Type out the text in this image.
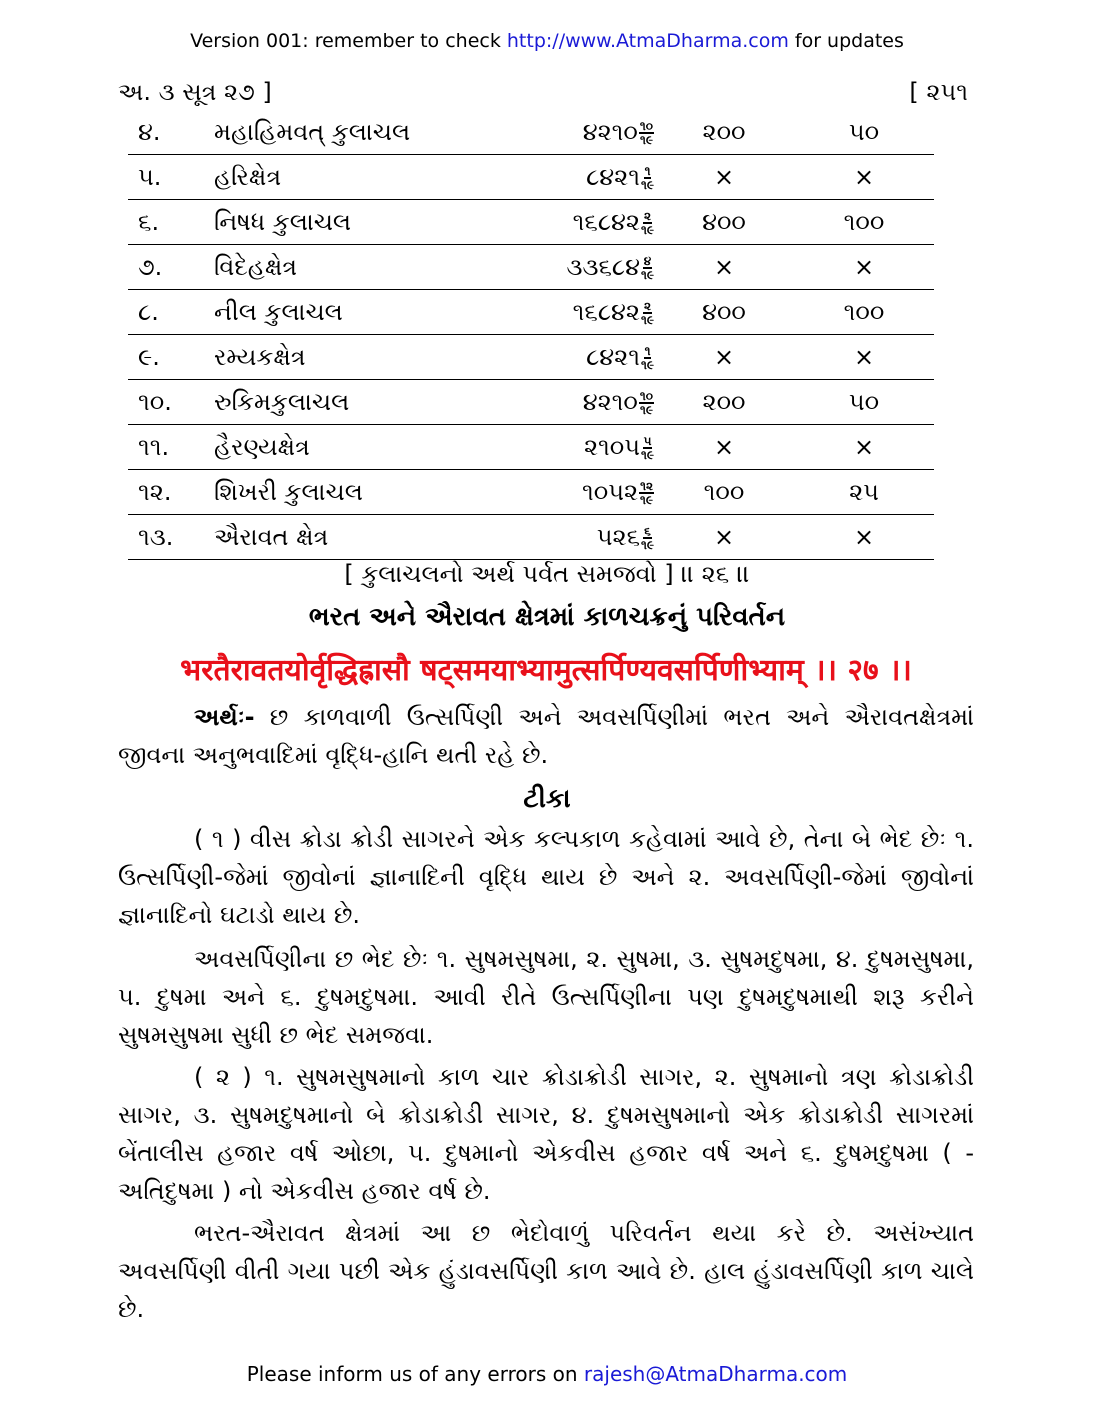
Version 001: remember to check http://www.AtmaDharma.com for updates
અ. ૩ સૂત્ર ૨૭ ]	[ ૨૫૧
૪.	મહાહિમવત્ કુલાચલ	૪૨૧૦ $\frac{૧૦}{૧૯}$	૨૦૦	૫૦
૫.	હરિક્ષેત્ર	૮૪૨૧ $\frac{૧}{૧૯}$	×	×
૬.	નિષધ કુલાચલ	૧૬૮૪૨ $\frac{૨}{૧૯}$	૪૦૦	૧૦૦
૭.	વિદેહક્ષેત્ર	૩૩૬૮૪ $\frac{૪}{૧૯}$	×	×
૮.	નીલ કુલાચલ	૧૬૮૪૨ $\frac{૨}{૧૯}$	૪૦૦	૧૦૦
૯.	રમ્યકક્ષેત્ર	૮૪૨૧ $\frac{૧}{૧૯}$	×	×
૧૦.	રુકિમકુલાચલ	૪૨૧૦ $\frac{૧૦}{૧૯}$	૨૦૦	૫૦
૧૧.	હૈરણ્યક્ષેત્ર	૨૧૦૫ $\frac{૫}{૧૯}$	×	×
૧૨.	શિખરી કુલાચલ	૧૦૫૨ $\frac{૧૨}{૧૯}$	૧૦૦	૨૫
૧૩.	ઐરાવત ક્ષેત્ર	૫૨૬ $\frac{૬}{૧૯}$	×	×
[ કુલાચલનો અર્થ પર્વત સમજવો ] ।। ૨૬ ।।
ભરત અને ઐરાવત ક્ષેત્રમાં કાળચક્રનું પરિવર્તન
भरतैरावतयोर्वृद्धिह्रासौ षट्समयाभ्यामुत्सर्पिण्यवसर्पिणीभ्याम् ।। २७ ।।
અર્થઃ- છ કાળવાળી ઉત્સર્પિણી અને અવસર્પિણીમાં ભરત અને ઐરાવતક્ષેત્રમાં જીવના અનુભવાદિમાં વૃદ્ધિ-હાનિ થતી રહે છે.
ટીકા
( ૧ ) વીસ ક્રોડા ક્રોડી સાગરને એક કલ્પકાળ કહેવામાં આવે છે, તેના બે ભેદ છેઃ ૧. ઉત્સર્પિણી-જેમાં જીવોનાં જ્ઞાનાદિની વૃદ્ધિ થાય છે અને ૨. અવસર્પિણી-જેમાં જીવોનાં જ્ઞાનાદિનો ઘટાડો થાય છે.
અવસર્પિણીના છ ભેદ છેઃ ૧. સુષમસુષમા, ૨. સુષમા, ૩. સુષમદુષમા, ૪. દુષમસુષમા, ૫. દુષમા અને ૬. દુષમદુષમા. આવી રીતે ઉત્સર્પિણીના પણ દુષમદુષમાથી શરૂ કરીને સુષમસુષમા સુધી છ ભેદ સમજવા.
( ૨ ) ૧. સુષમસુષમાનો કાળ ચાર ક્રોડાક્રોડી સાગર, ૨. સુષમાનો ત્રણ ક્રોડાક્રોડી સાગર, ૩. સુષમદુષમાનો બે ક્રોડાક્રોડી સાગર, ૪. દુષમસુષમાનો એક ક્રોડાક્રોડી સાગરમાં બેંતાલીસ હજાર વર્ષ ઓછા, ૫. દુષમાનો એકવીસ હજાર વર્ષ અને ૬. દુષમદુષમા ( -અતિદુષમા ) નો એકવીસ હજાર વર્ષ છે.
ભરત-ઐરાવત ક્ષેત્રમાં આ છ ભેદોવાળું પરિવર્તન થયા કરે છે. અસંખ્યાત અવસર્પિણી વીતી ગયા પછી એક હુંડાવસર્પિણી કાળ આવે છે. હાલ હુંડાવસર્પિણી કાળ ચાલે છે.
Please inform us of any errors on rajesh@AtmaDharma.com
